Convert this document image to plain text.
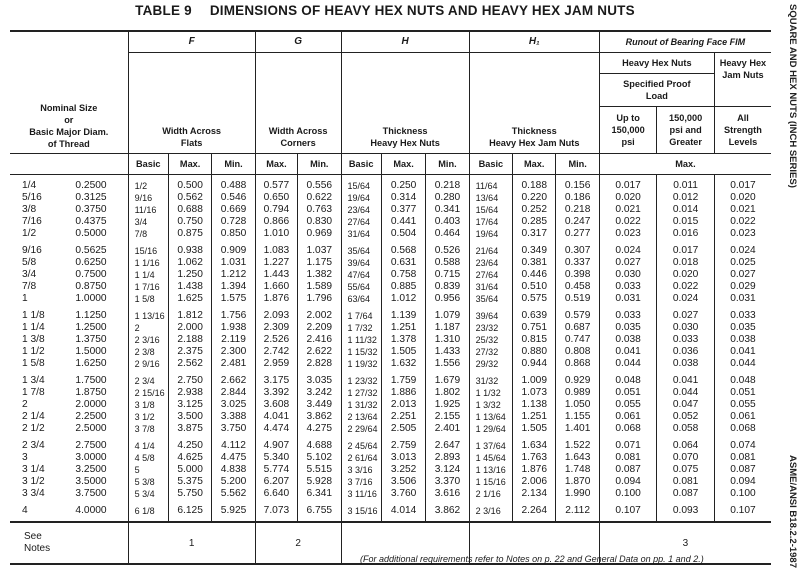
TABLE 9 DIMENSIONS OF HEAVY HEX NUTS AND HEAVY HEX JAM NUTS	SQUARE AND HEX NUTS (INCH SERIES)
ASME/ANSI B18.2.2-1987
Nominal Size
or
Basic Major Diam.
of Thread		F			G		H			H₁			Runout of Bearing Face FIM		

Width Across
Flats

Width Across
Corners

Thickness
Heavy Hex Nuts

Thickness
Heavy Hex Jam Nuts
	Heavy Hex Nuts	Heavy Hex
Jam Nuts

													Specified Proof
Load		

Up to
150,000
psi

150,000
psi and
Greater

All
Strength
Levels

		Basic	Max.	Min.	Max.	Min.	Basic	Max.	Min.	Basic	Max.	Min.	Max.		
1/4	0.2500	1/2	0.500	0.488	0.577	0.556	15/64	0.250	0.218	11/64	0.188	0.156	0.017	0.011	0.017
5/16	0.3125	9/16	0.562	0.546	0.650	0.622	19/64	0.314	0.280	13/64	0.220	0.186	0.020	0.012	0.020
3/8	0.3750	11/16	0.688	0.669	0.794	0.763	23/64	0.377	0.341	15/64	0.252	0.218	0.021	0.014	0.021
7/16	0.4375	3/4	0.750	0.728	0.866	0.830	27/64	0.441	0.403	17/64	0.285	0.247	0.022	0.015	0.022
1/2	0.5000	7/8	0.875	0.850	1.010	0.969	31/64	0.504	0.464	19/64	0.317	0.277	0.023	0.016	0.023
9/16	0.5625	15/16	0.938	0.909	1.083	1.037	35/64	0.568	0.526	21/64	0.349	0.307	0.024	0.017	0.024
5/8	0.6250	1 1/16	1.062	1.031	1.227	1.175	39/64	0.631	0.588	23/64	0.381	0.337	0.027	0.018	0.025
3/4	0.7500	1 1/4	1.250	1.212	1.443	1.382	47/64	0.758	0.715	27/64	0.446	0.398	0.030	0.020	0.027
7/8	0.8750	1 7/16	1.438	1.394	1.660	1.589	55/64	0.885	0.839	31/64	0.510	0.458	0.033	0.022	0.029
1	1.0000	1 5/8	1.625	1.575	1.876	1.796	63/64	1.012	0.956	35/64	0.575	0.519	0.031	0.024	0.031
1 1/8	1.1250	1 13/16	1.812	1.756	2.093	2.002	1 7/64	1.139	1.079	39/64	0.639	0.579	0.033	0.027	0.033
1 1/4	1.2500	2	2.000	1.938	2.309	2.209	1 7/32	1.251	1.187	23/32	0.751	0.687	0.035	0.030	0.035
1 3/8	1.3750	2 3/16	2.188	2.119	2.526	2.416	1 11/32	1.378	1.310	25/32	0.815	0.747	0.038	0.033	0.038
1 1/2	1.5000	2 3/8	2.375	2.300	2.742	2.622	1 15/32	1.505	1.433	27/32	0.880	0.808	0.041	0.036	0.041
1 5/8	1.6250	2 9/16	2.562	2.481	2.959	2.828	1 19/32	1.632	1.556	29/32	0.944	0.868	0.044	0.038	0.044
1 3/4	1.7500	2 3/4	2.750	2.662	3.175	3.035	1 23/32	1.759	1.679	31/32	1.009	0.929	0.048	0.041	0.048
1 7/8	1.8750	2 15/16	2.938	2.844	3.392	3.242	1 27/32	1.886	1.802	1 1/32	1.073	0.989	0.051	0.044	0.051
2	2.0000	3 1/8	3.125	3.025	3.608	3.449	1 31/32	2.013	1.925	1 3/32	1.138	1.050	0.055	0.047	0.055
2 1/4	2.2500	3 1/2	3.500	3.388	4.041	3.862	2 13/64	2.251	2.155	1 13/64	1.251	1.155	0.061	0.052	0.061
2 1/2	2.5000	3 7/8	3.875	3.750	4.474	4.275	2 29/64	2.505	2.401	1 29/64	1.505	1.401	0.068	0.058	0.068
2 3/4	2.7500	4 1/4	4.250	4.112	4.907	4.688	2 45/64	2.759	2.647	1 37/64	1.634	1.522	0.071	0.064	0.074
3	3.0000	4 5/8	4.625	4.475	5.340	5.102	2 61/64	3.013	2.893	1 45/64	1.763	1.643	0.081	0.070	0.081
3 1/4	3.2500	5	5.000	4.838	5.774	5.515	3 3/16	3.252	3.124	1 13/16	1.876	1.748	0.087	0.075	0.087
3 1/2	3.5000	5 3/8	5.375	5.200	6.207	5.928	3 7/16	3.506	3.370	1 15/16	2.006	1.870	0.094	0.081	0.094
3 3/4	3.7500	5 3/4	5.750	5.562	6.640	6.341	3 11/16	3.760	3.616	2 1/16	2.134	1.990	0.100	0.087	0.100
4	4.0000	6 1/8	6.125	5.925	7.073	6.755	3 15/16	4.014	3.862	2 3/16	2.264	2.112	0.107	0.093	0.107

See
Notes		1			2								3		
(For additional requirements refer to Notes on p. 22 and General Data on pp. 1 and 2.)
